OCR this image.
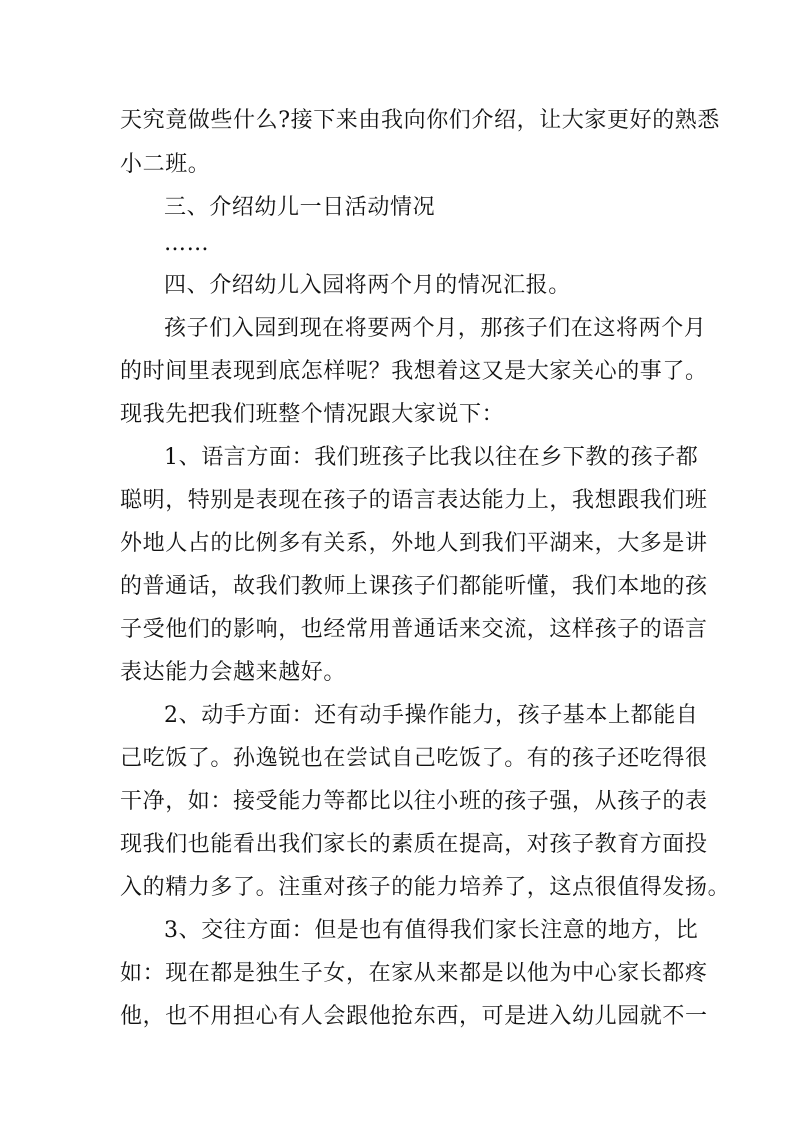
天究竟做些什么?接下来由我向你们介绍，让大家更好的熟悉
小二班。
三、介绍幼儿一日活动情况
……
四、介绍幼儿入园将两个月的情况汇报。
孩子们入园到现在将要两个月，那孩子们在这将两个月
的时间里表现到底怎样呢？我想着这又是大家关心的事了。
现我先把我们班整个情况跟大家说下：
1、语言方面：我们班孩子比我以往在乡下教的孩子都
聪明，特别是表现在孩子的语言表达能力上，我想跟我们班
外地人占的比例多有关系，外地人到我们平湖来，大多是讲
的普通话，故我们教师上课孩子们都能听懂，我们本地的孩
子受他们的影响，也经常用普通话来交流，这样孩子的语言
表达能力会越来越好。
2、动手方面：还有动手操作能力，孩子基本上都能自
己吃饭了。孙逸锐也在尝试自己吃饭了。有的孩子还吃得很
干净，如：接受能力等都比以往小班的孩子强，从孩子的表
现我们也能看出我们家长的素质在提高，对孩子教育方面投
入的精力多了。注重对孩子的能力培养了，这点很值得发扬。
3、交往方面：但是也有值得我们家长注意的地方，比
如：现在都是独生子女，在家从来都是以他为中心家长都疼
他，也不用担心有人会跟他抢东西，可是进入幼儿园就不一
